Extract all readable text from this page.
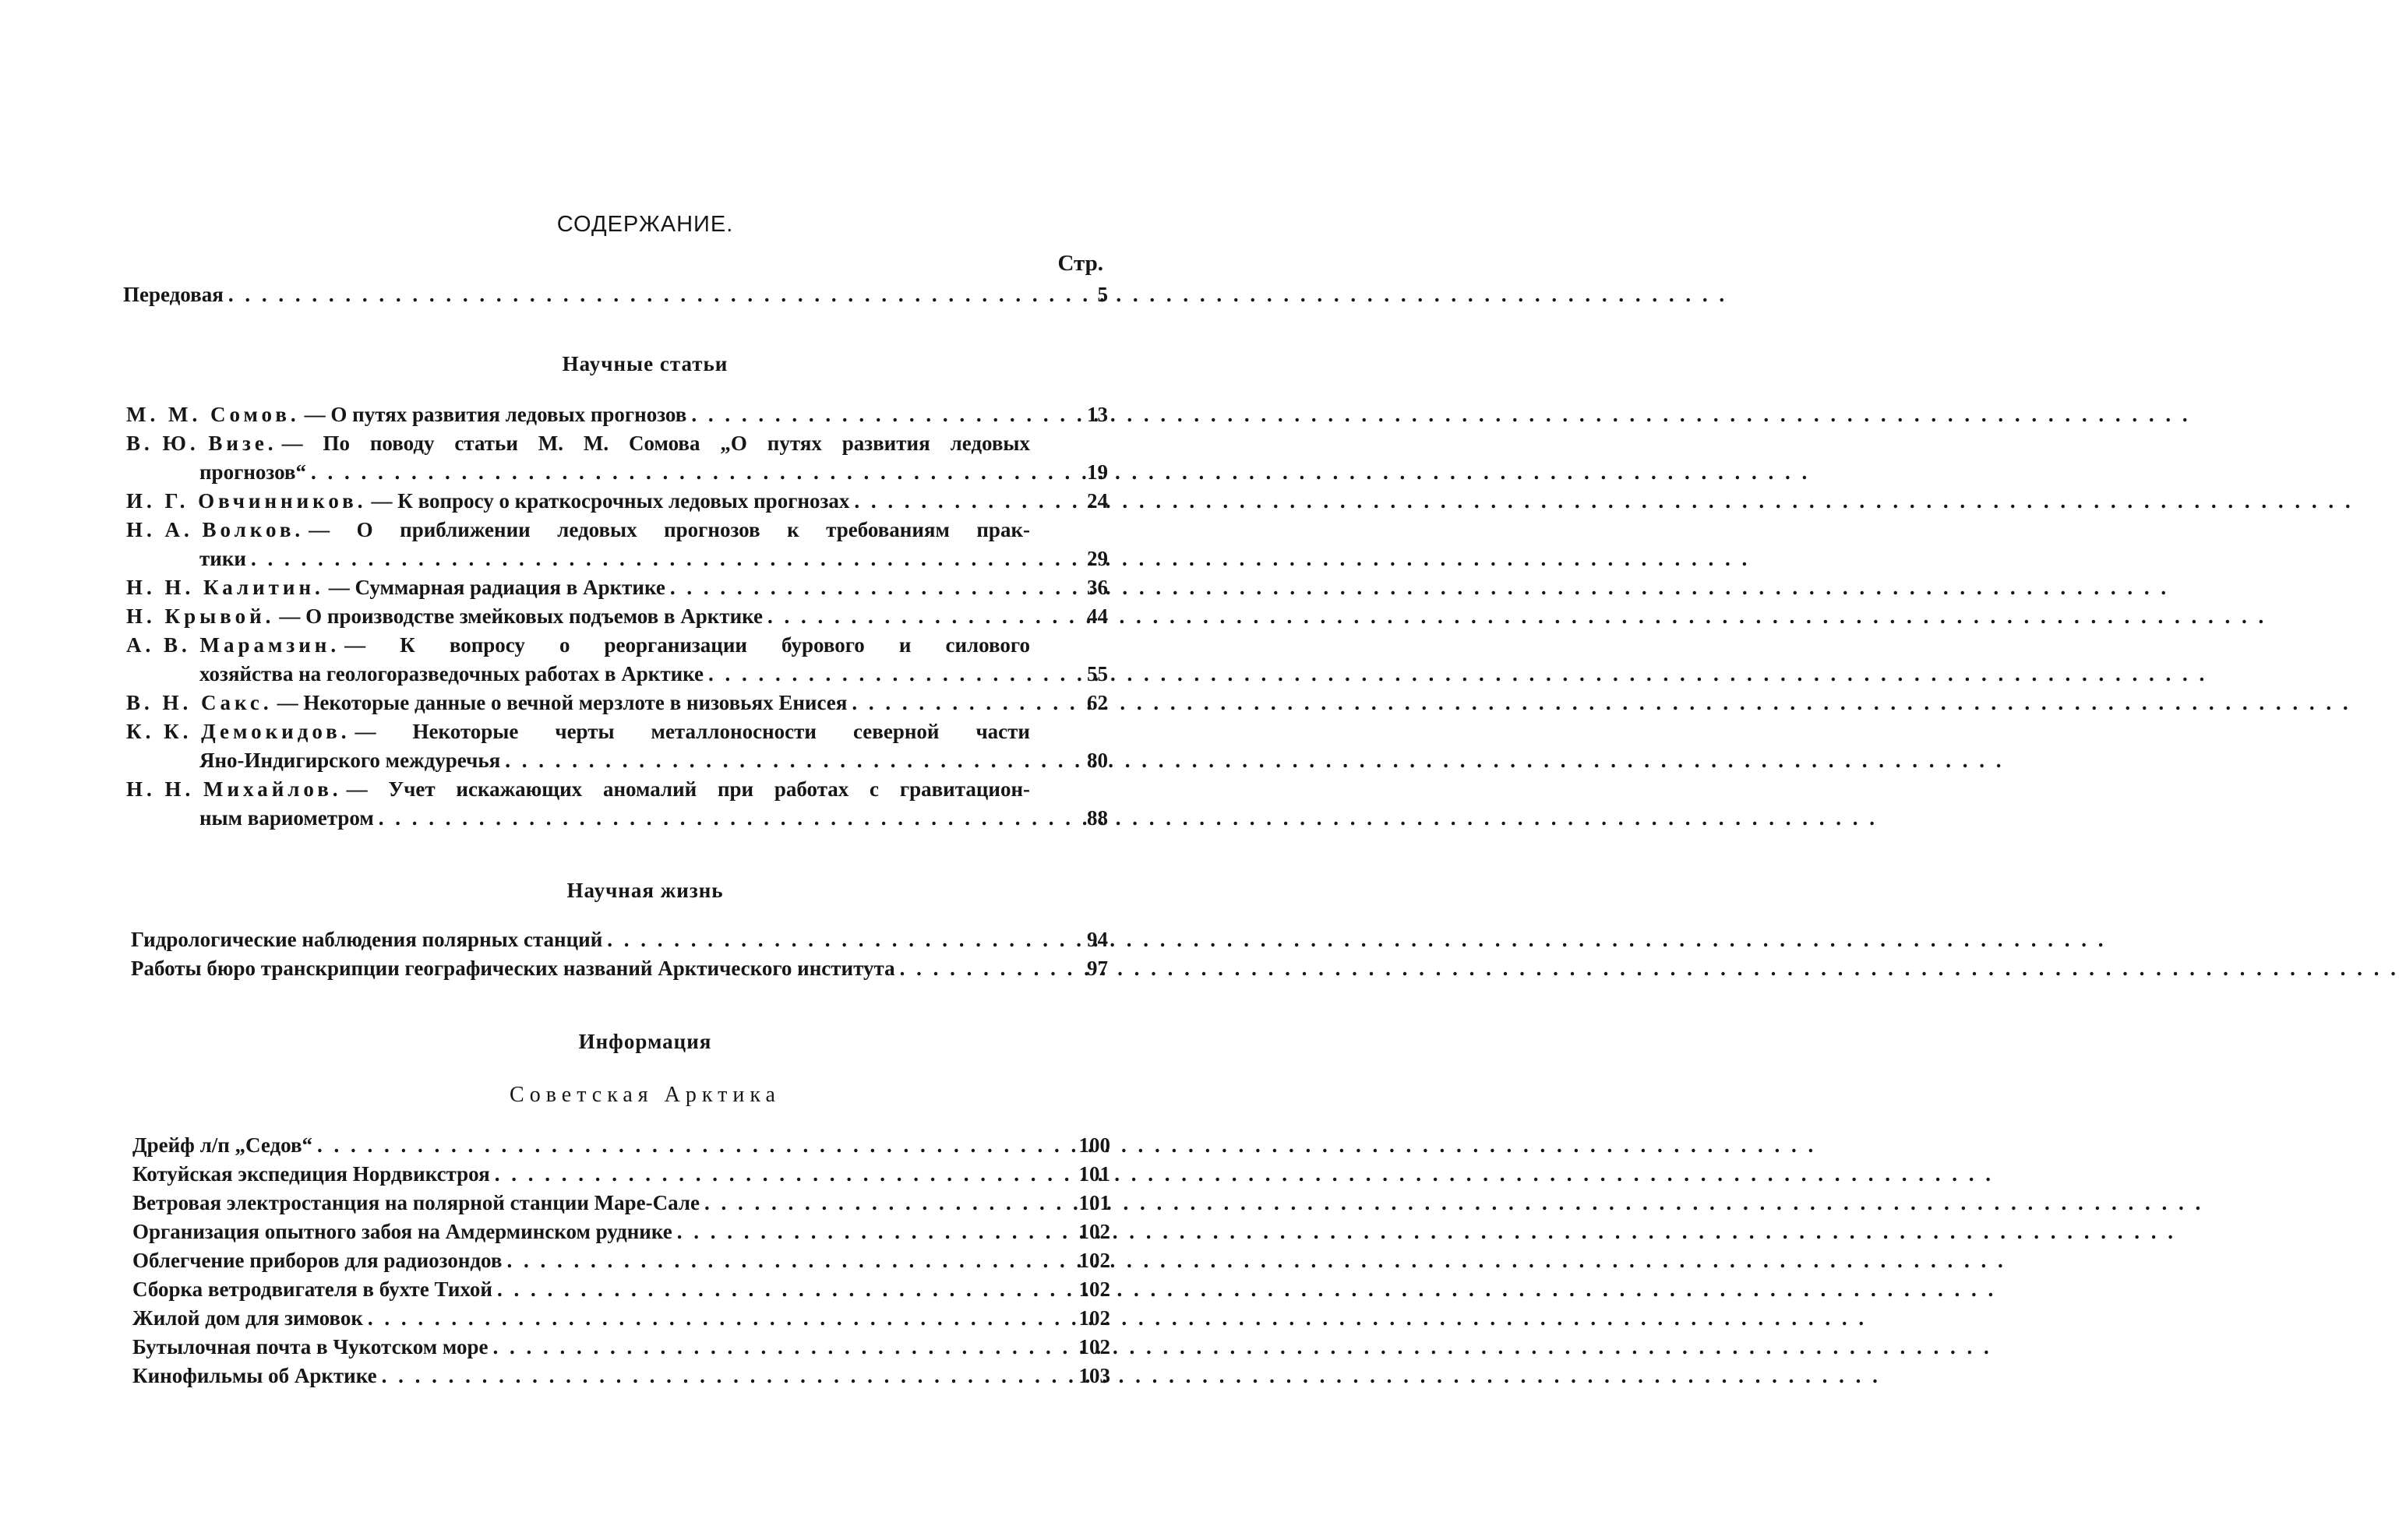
СОДЕРЖАНИЕ.
Стр.
Передовая . . .	5
Научные статьи
М. М. Сомов. — О путях развития ледовых прогнозов . . .	13
В. Ю. Визе. — По поводу статьи М. М. Сомова „О путях развития ледовых
прогнозов“ . . .	19
И. Г. Овчинников. — К вопросу о краткосрочных ледовых прогнозах . . .	24
Н. А. Волков. — О приближении ледовых прогнозов к требованиям прак-
тики . . .	29
Н. Н. Калитин. — Суммарная радиация в Арктике . . .	36
Н. Крывой. — О производстве змейковых подъемов в Арктике . . .	44
А. В. Марамзин. — К вопросу о реорганизации бурового и силового
хозяйства на геологоразведочных работах в Арктике . . .	55
В. Н. Сакс. — Некоторые данные о вечной мерзлоте в низовьях Енисея . . .	62
К. К. Демокидов. — Некоторые черты металлоносности северной части
Яно-Индигирского междуречья . . .	80
Н. Н. Михайлов. — Учет искажающих аномалий при работах с гравитацион-
ным вариометром . . .	88
Научная жизнь
Гидрологические наблюдения полярных станций . . .	94
Работы бюро транскрипции географических названий Арктического института . . .	97
Информация
Советская Арктика
Дрейф л/п „Седов“ . . .	100
Котуйская экспедиция Нордвикстроя . . .	101
Ветровая электростанция на полярной станции Маре-Сале . . .	101
Организация опытного забоя на Амдерминском руднике . . .	102
Облегчение приборов для радиозондов . . .	102
Сборка ветродвигателя в бухте Тихой . . .	102
Жилой дом для зимовок . . .	102
Бутылочная почта в Чукотском море . . .	102
Кинофильмы об Арктике . . .	103
